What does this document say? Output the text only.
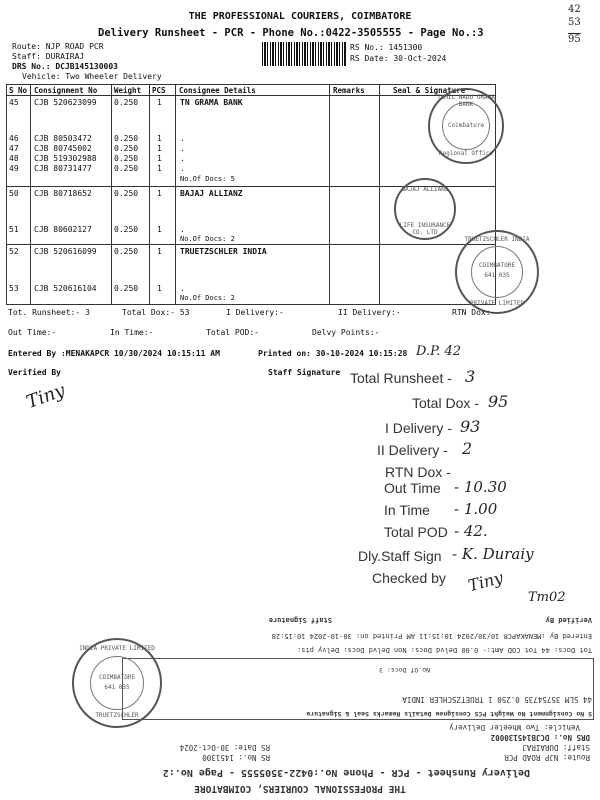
THE PROFESSIONAL COURIERS, COIMBATORE
Delivery Runsheet - PCR - Phone No.:0422-3505555 - Page No.:3
Route: NJP ROAD PCR
Staff: DURAIRAJ
DRS No.: DCJB145130003
Vehicle: Two Wheeler Delivery
RS No.: 1451300
RS Date: 30-Oct-2024
42
53
95
S No Consignment No Weight PCS Consignee Details	Remarks	Seal & Signature
45 CJB 520623099 0.250 1 TN GRAMA BANK
46 CJB 80503472	0.250 1 .
47 CJB 80745002	0.250 1 .
48 CJB 519302988 0.250 1 .
49 CJB 80731477	0.250 1 .
No.Of Docs: 5
50 CJB 80718652	0.250 1 BAJAJ ALLIANZ
51 CJB 80602127	0.250 1 .
No.Of Docs: 2
52 CJB 520616099 0.250 1 TRUETZSCHLER INDIA
53 CJB 520616104 0.250 1 .
No.Of Docs: 2
TAMIL NADU GRAMA BANK
Coimbatore
Regional Office
BAJAJ ALLIANZ
LIFE INSURANCE CO. LTD
TRUETZSCHLER INDIA
COIMBATORE
641 035
PRIVATE LIMITED
Tot. Runsheet:- 3	Total Dox:- 53	I Delivery:-	II Delivery:-	RTN Dox:-
Out Time:-	In Time:-	Total POD:-	Delvy Points:-
Entered By :MENAKAPCR 10/30/2024 10:15:11 AM	Printed on: 30-10-2024 10:15:28
Verified By	Staff Signature
D.P. 42
Tiny
Total Runsheet - 3
Total Dox - 95
I Delivery - 93
II Delivery - 2
RTN Dox -
Out Time - 10.30
In Time - 1.00
Total POD - 42.
Dly.Staff Sign - K. Duraiy
Checked by Tiny
Tm02
THE PROFESSIONAL COURIERS, COIMBATORE
Delivery Runsheet - PCR - Phone No.:0422-3505555 - Page No.:2
Route: NJP ROAD PCR
Staff: DURAIRAJ
DRS No.: DCJB145130002
Vehicle: Two Wheeler Delivery
RS No.: 1451300
RS Date: 30-Oct-2024
S No Consignment No Weight PCS Consignee Details Remarks Seal & Signature
44 SLM 35754735 0.250 1 TRUETZSCHLER INDIA
No.Of Docs: 3
Tot Docs: 44 Tot COD Amt:- 0.00 Delvd Docs: Non Delvd Docs: Delvy pts:
Entered By :MENAKAPCR 10/30/2024 10:15:11 AM Printed on: 30-10-2024 10:15:28
Verified By
Staff Signature
INDIA PRIVATE LIMITED
COIMBATORE
641 035
TRUETZSCHLER
